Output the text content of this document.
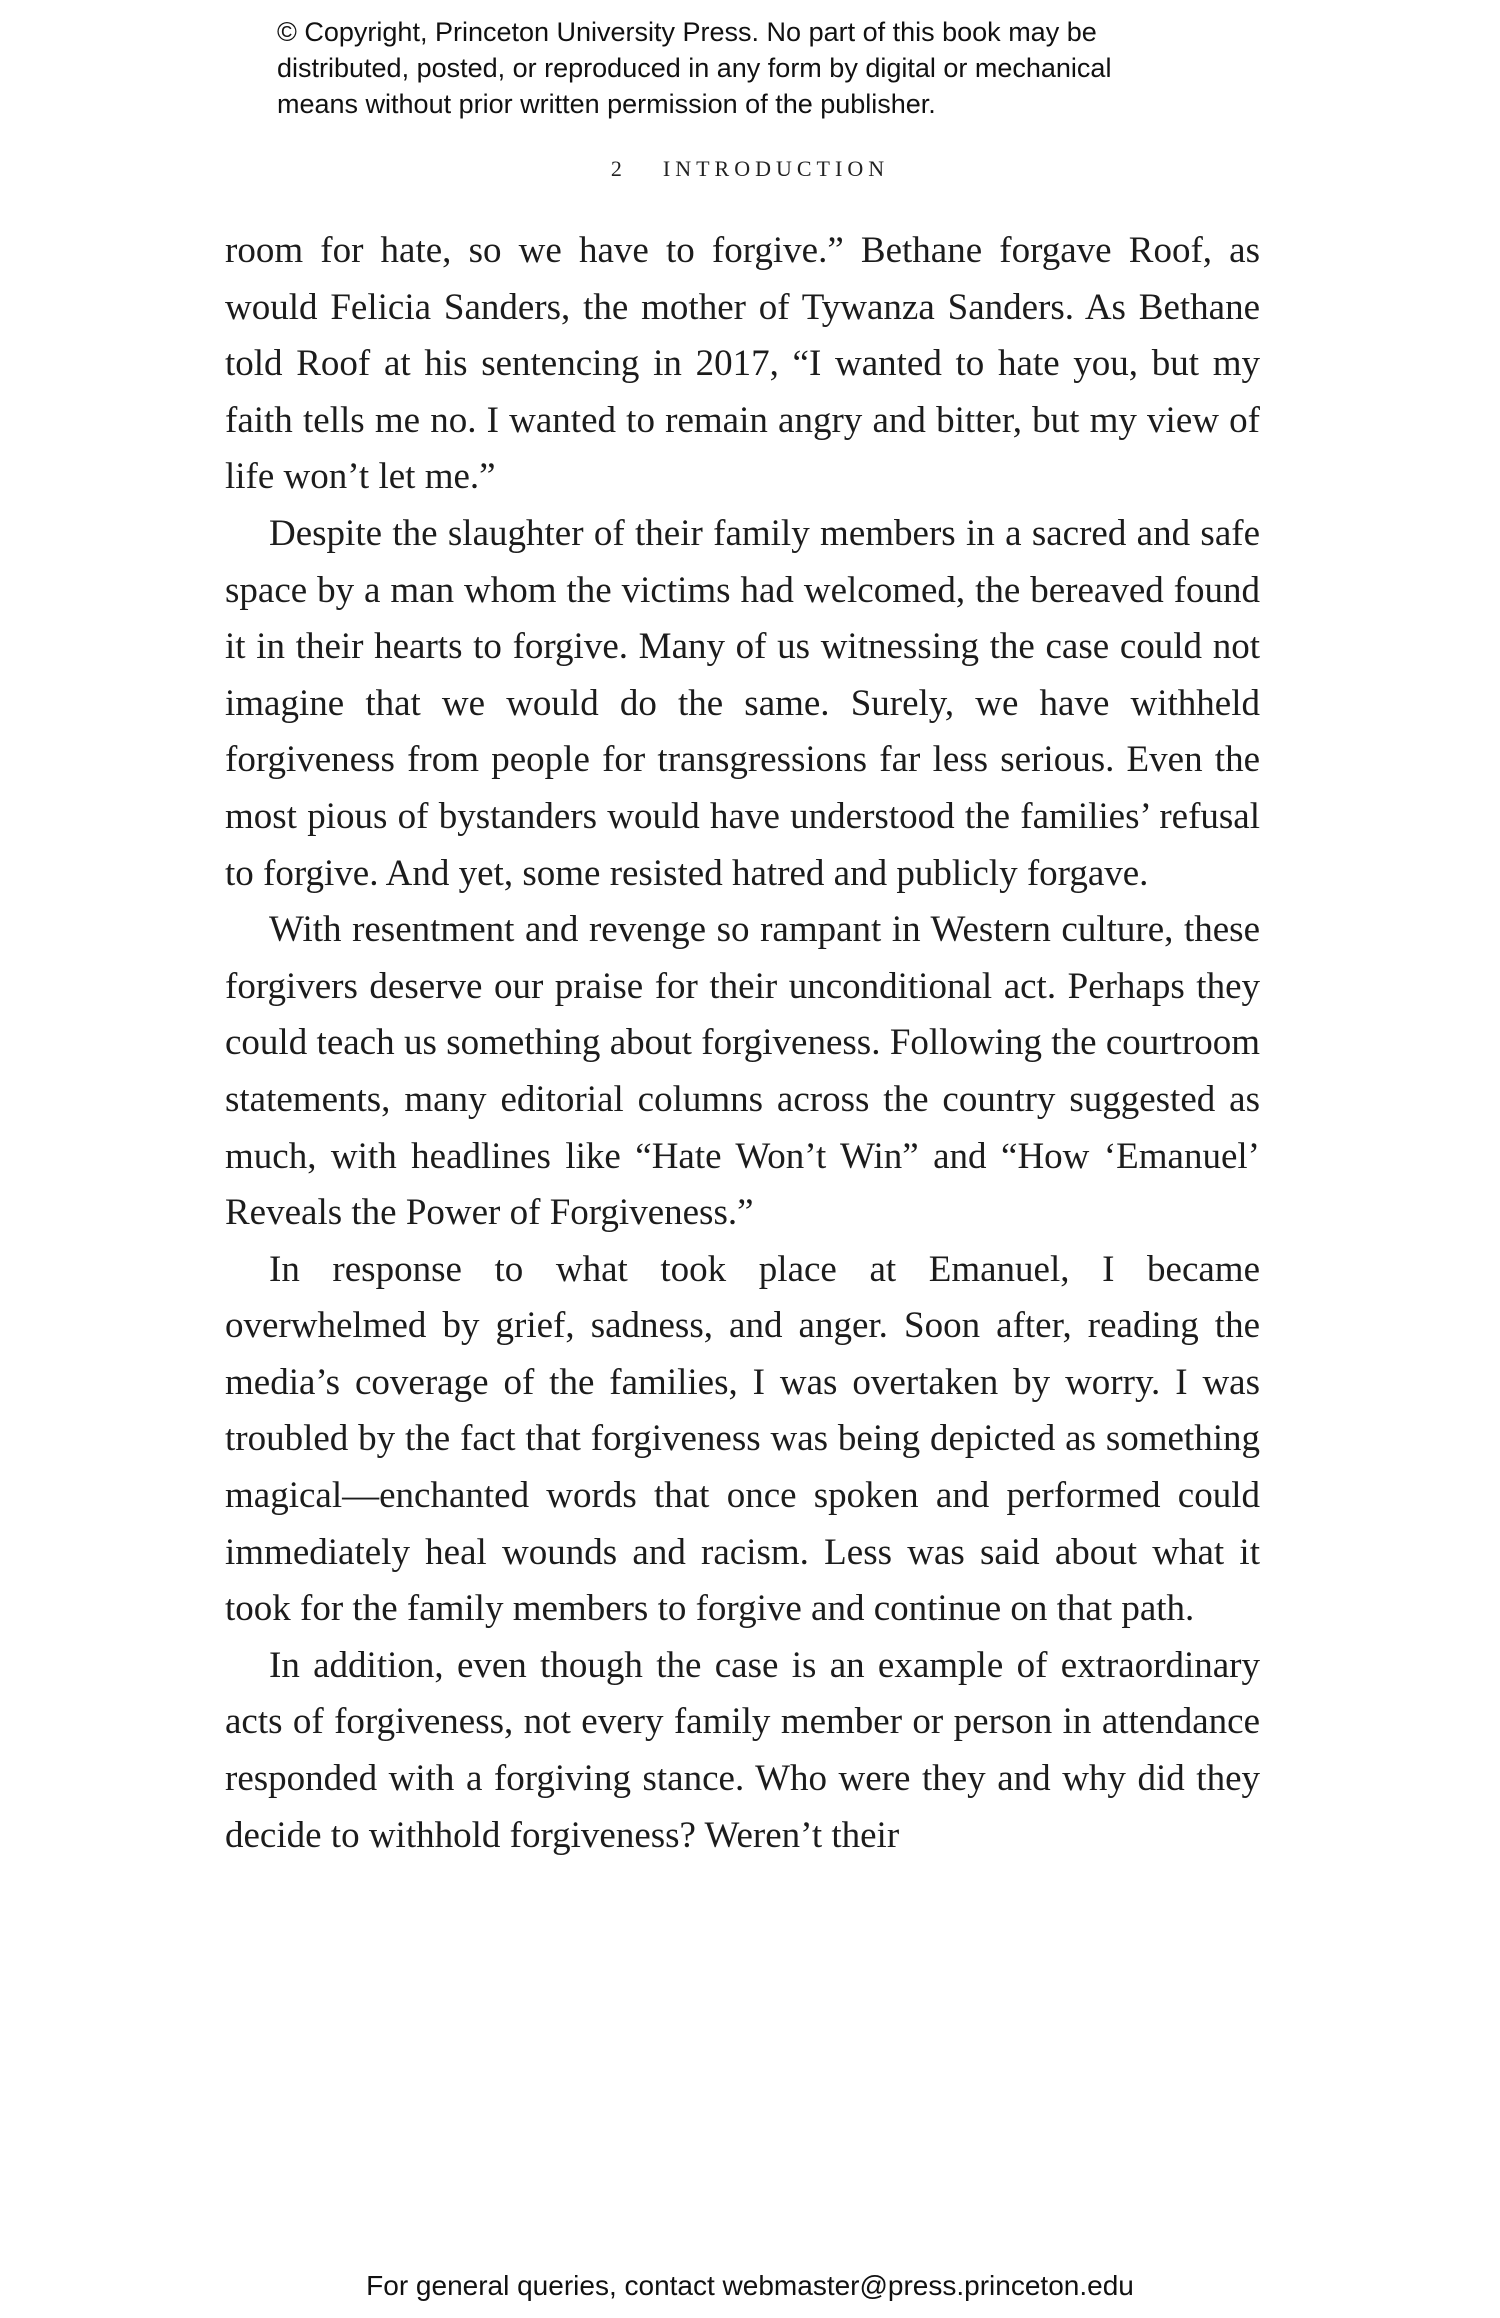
© Copyright, Princeton University Press. No part of this book may be
distributed, posted, or reproduced in any form by digital or mechanical
means without prior written permission of the publisher.
2 INTRODUCTION

room for hate, so we have to forgive.” Bethane forgave Roof, as would Felicia Sanders, the mother of Tywanza Sanders. As Bethane told Roof at his sentencing in 2017, “I wanted to hate you, but my faith tells me no. I wanted to remain angry and bitter, but my view of life won’t let me.”

Despite the slaughter of their family members in a sacred and safe space by a man whom the victims had welcomed, the bereaved found it in their hearts to forgive. Many of us witnessing the case could not imagine that we would do the same. Surely, we have withheld forgiveness from people for transgressions far less serious. Even the most pious of bystanders would have understood the families’ refusal to forgive. And yet, some resisted hatred and publicly forgave.

With resentment and revenge so rampant in Western culture, these forgivers deserve our praise for their unconditional act. Perhaps they could teach us something about forgiveness. Following the courtroom statements, many editorial columns across the country suggested as much, with headlines like “Hate Won’t Win” and “How ‘Emanuel’ Reveals the Power of Forgiveness.”

In response to what took place at Emanuel, I became overwhelmed by grief, sadness, and anger. Soon after, reading the media’s coverage of the families, I was overtaken by worry. I was troubled by the fact that forgiveness was being depicted as something magical—enchanted words that once spoken and performed could immediately heal wounds and racism. Less was said about what it took for the family members to forgive and continue on that path.

In addition, even though the case is an example of extraordinary acts of forgiveness, not every family member or person in attendance responded with a forgiving stance. Who were they and why did they decide to withhold forgiveness? Weren’t their

For general queries, contact webmaster@press.princeton.edu
